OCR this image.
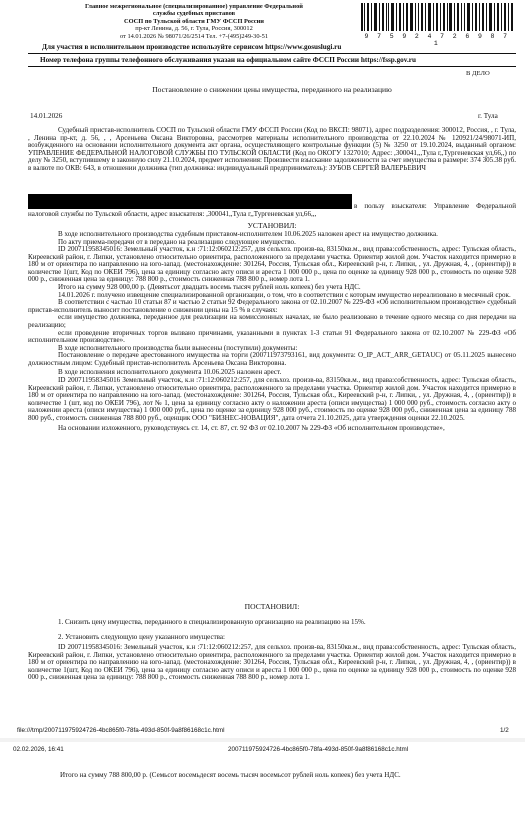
Главное межрегиональное (специализированное) управление Федеральной
службы судебных приставов
СОСП по Тульской области ГМУ ФССП России
пр-кт Ленина, д. 56, г. Тула, Россия, 300012
от 14.01.2026 № 98071/26/2514 Тел. +7-(495)249-30-51	9 7 5 9 2 4 7 2 6 9 8 7 1
Для участия в исполнительном производстве используйте сервисом https://www.gosuslugi.ru
Номер телефона группы телефонного обслуживания указан на официальном сайте ФССП России https://fssp.gov.ru
В ДЕЛО
Постановление о снижении цены имущества, переданного на реализацию
14.01.2026	г. Тула

Судебный пристав-исполнитель СОСП по Тульской области ГМУ ФССП России (Код по ВКСП: 98071), адрес подразделения: 300012, Россия, , г. Тула, , Ленина пр-кт, д. 56, , , Арсеньева Оксана Викторовна, рассмотрев материалы исполнительного производства от 22.10.2024 № 120921/24/98071-ИП, возбужденного на основании исполнительного документа акт органа, осуществляющего контрольные функции (5) № 3250 от 19.10.2024, выданный органом: УПРАВЛЕНИЕ ФЕДЕРАЛЬНОЙ НАЛОГОВОЙ СЛУЖБЫ ПО ТУЛЬСКОЙ ОБЛАСТИ (Код по ОКОГУ 1327010; Адрес: ,300041,,,Тула г,,Тургеневская ул,66,,) по делу № 3250, вступившему в законную силу 21.10.2024, предмет исполнения: Произвести взыскание задолженности за счет имущества в размере: 374 305.38 руб. в валюте по ОКВ: 643, в отношении должника (тип должника: индивидуальный предприниматель): ЗУБОВ СЕРГЕЙ ВАЛЕРЬЕВИЧ

в пользу взыскателя: Управление Федеральной налоговой службы по Тульской области, адрес взыскателя: ,300041,,Тула г,,Тургеневская ул,66,,,
УСТАНОВИЛ:

В ходе исполнительного производства судебным приставом-исполнителем 10.06.2025 наложен арест на имущество должника.

По акту приема-передачи от в передано на реализацию следующее имущество.

ID 200711958345016: Земельный участок, к.н :71:12:060212:257, для сельхоз. произв-ва, 83150кв.м., вид права:собственность, адрес: Тульская область, Киреевский район, г. Липки, установлено относительно ориентира, расположенного за пределами участка. Ориентир жилой дом. Участок находится примерно в 180 м от ориентира по направлению на юго-запад. (местонахождение: 301264, Россия, Тульская обл., Киреевский р-н, г. Липки, , ул. Дружная, 4, , (ориентир)) в количестве 1(шт, Код по ОКЕИ 796), цена за единицу согласно акту описи и ареста 1 000 000 р., цена по оценке за единицу 928 000 р., стоимость по оценке 928 000 р., сниженная цена за единицу: 788 800 р., стоимость сниженная 788 800 р., номер лота 1.

Итого на сумму 928 000,00 р. (Девятьсот двадцать восемь тысяч рублей ноль копеек) без учета НДС.

14.01.2026 г. получено извещение специализированной организации, о том, что в соответствии с которым имущество нереализовано в месячный срок.

В соответствии с частью 10 статьи 87 и частью 2 статьи 92 Федерального закона от 02.10.2007 № 229-ФЗ «Об исполнительном производстве» судебный пристав-исполнитель выносит постановление о снижении цены на 15 % в случаях:

если имущество должника, переданное для реализации на комиссионных началах, не было реализовано в течение одного месяца со дня передачи на реализацию;

если проведение вторичных торгов вызвано причинами, указанными в пунктах 1-3 статьи 91 Федерального закона от 02.10.2007 № 229-ФЗ «Об исполнительном производстве».

В ходе исполнительного производства были вынесены (поступили) документы:

Постановление о передаче арестованного имущества на торги (200711973793161, вид документа: O_IP_ACT_ARR_GETAUC) от 05.11.2025 вынесено должностным лицом: Судебный пристав-исполнитель Арсеньева Оксана Викторовна.

В ходе исполнения исполнительного документа 10.06.2025 наложен арест.

ID 200711958345016 Земельный участок, к.н :71:12:060212:257, для сельхоз. произв-ва, 83150кв.м., вид права:собственность, адрес: Тульская область, Киреевский район, г. Липки, установлено относительно ориентира, расположенного за пределами участка. Ориентир жилой дом. Участок находится примерно в 180 м от ориентира по направлению на юго-запад. (местонахождение: 301264, Россия, Тульская обл., Киреевский р-н, г. Липки, , ул. Дружная, 4, , (ориентир)) в количестве 1 (шт, код по ОКЕИ 796), лот № 1, цена за единицу согласно акту о наложении ареста (описи имущества) 1 000 000 руб., стоимость согласно акту о наложении ареста (описи имущества) 1 000 000 руб., цена по оценке за единицу 928 000 руб., стоимость по оценке 928 000 руб., сниженная цена за единицу 788 800 руб., стоимость сниженная 788 800 руб., оценщик ООО "БИЗНЕС-НОВАЦИЯ", дата отчета 21.10.2025, дата утверждения оценки 22.10.2025.

На основании изложенного, руководствуясь ст. 14, ст. 87, ст. 92 ФЗ от 02.10.2007 № 229-ФЗ «Об исполнительном производстве»,

ПОСТАНОВИЛ:

1. Снизить цену имущества, переданного в специализированную организацию на реализацию на 15%.

2. Установить следующую цену указанного имущества:

ID 200711958345016: Земельный участок, к.н :71:12:060212:257, для сельхоз. произв-ва, 83150кв.м., вид права:собственность, адрес: Тульская область, Киреевский район, г. Липки, установлено относительно ориентира, расположенного за пределами участка. Ориентир жилой дом. Участок находится примерно в 180 м от ориентира по направлению на юго-запад. (местонахождение: 301264, Россия, Тульская обл., Киреевский р-н, г. Липки, , ул. Дружная, 4, , (ориентир)) в количестве 1(шт, Код по ОКЕИ 796), цена за единицу согласно акту описи и ареста 1 000 000 р., цена по оценке за единицу 928 000 р., стоимость по оценке 928 000 р., сниженная цена за единицу: 788 800 р., стоимость сниженная 788 800 р., номер лота 1.

file:///tmp/200711975924726-4bc865f0-78fa-493d-850f-9a8f86168c1c.html	1/2
02.02.2026, 16:41	200711975924726-4bc865f0-78fa-493d-850f-9a8f86168c1c.html

Итого на сумму 788 800,00 р. (Семьсот восемьдесят восемь тысяч восемьсот рублей ноль копеек) без учета НДС.
